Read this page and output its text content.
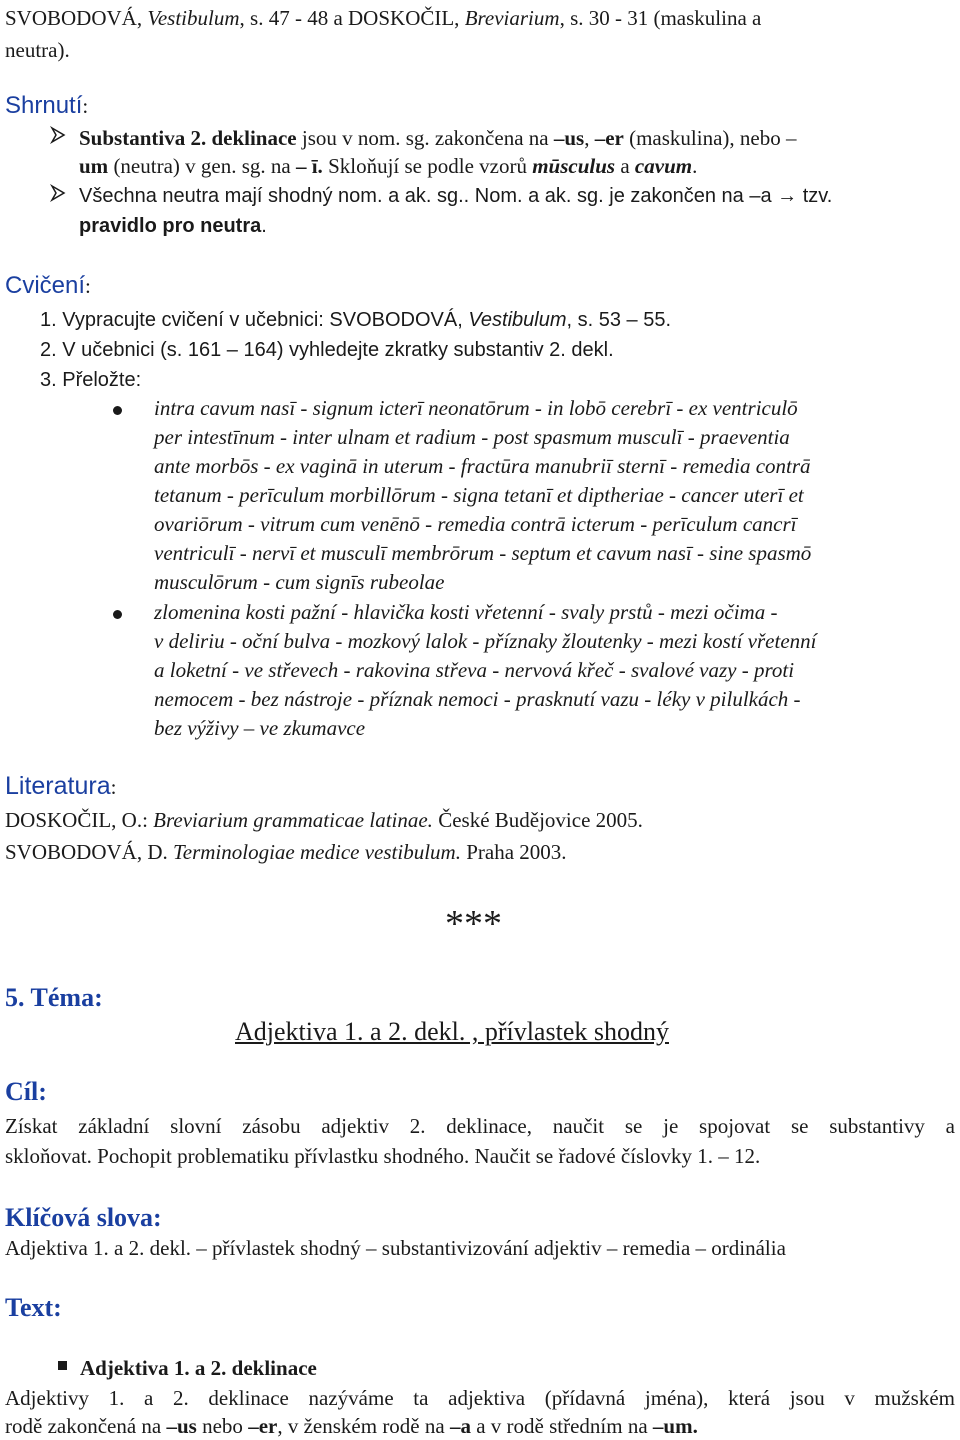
SVOBODOVÁ, Vestibulum, s. 47 - 48 a DOSKOČIL, Breviarium, s. 30 - 31 (maskulina a
neutra).
Shrnutí:
Substantiva 2. deklinace jsou v nom. sg. zakončena na –us, –er (maskulina), nebo –
um (neutra) v gen. sg. na – ī. Skloňují se podle vzorů mūsculus a cavum.
Všechna neutra mají shodný nom. a ak. sg.. Nom. a ak. sg. je zakončen na –a → tzv.
pravidlo pro neutra.
Cvičení:
1. Vypracujte cvičení v učebnici: SVOBODOVÁ, Vestibulum, s. 53 – 55.
2. V učebnici (s. 161 – 164) vyhledejte zkratky substantiv 2. dekl.
3. Přeložte:
intra cavum nasī - signum icterī neonatōrum - in lobō cerebrī - ex ventriculō
per intestīnum - inter ulnam et radium - post spasmum musculī - praeventia
ante morbōs - ex vaginā in uterum - fractūra manubriī sternī - remedia contrā
tetanum - perīculum morbillōrum - signa tetanī et diptheriae - cancer uterī et
ovariōrum - vitrum cum venēnō - remedia contrā icterum - perīculum cancrī
ventriculī - nervī et musculī membrōrum - septum et cavum nasī - sine spasmō
musculōrum - cum signīs rubeolae
zlomenina kosti pažní - hlavička kosti vřetenní - svaly prstů - mezi očima -
v deliriu - oční bulva - mozkový lalok - příznaky žloutenky - mezi kostí vřetenní
a loketní - ve střevech - rakovina střeva - nervová křeč - svalové vazy - proti
nemocem - bez nástroje - příznak nemoci - prasknutí vazu - léky v pilulkách -
bez výživy – ve zkumavce
Literatura:
DOSKOČIL, O.: Breviarium grammaticae latinae. České Budějovice 2005.
SVOBODOVÁ, D. Terminologiae medice vestibulum. Praha 2003.
***
5. Téma:
Adjektiva 1. a 2. dekl. , přívlastek shodný
Cíl:
Získat základní slovní zásobu adjektiv 2. deklinace, naučit se je spojovat se substantivy a
skloňovat. Pochopit problematiku přívlastku shodného. Naučit se řadové číslovky 1. – 12.
Klíčová slova:
Adjektiva 1. a 2. dekl. – přívlastek shodný – substantivizování adjektiv – remedia – ordinália
Text:
Adjektiva 1. a 2. deklinace
Adjektivy 1. a 2. deklinace nazýváme ta adjektiva (přídavná jména), která jsou v mužském
rodě zakončená na –us nebo –er, v ženském rodě na –a a v rodě středním na –um.
